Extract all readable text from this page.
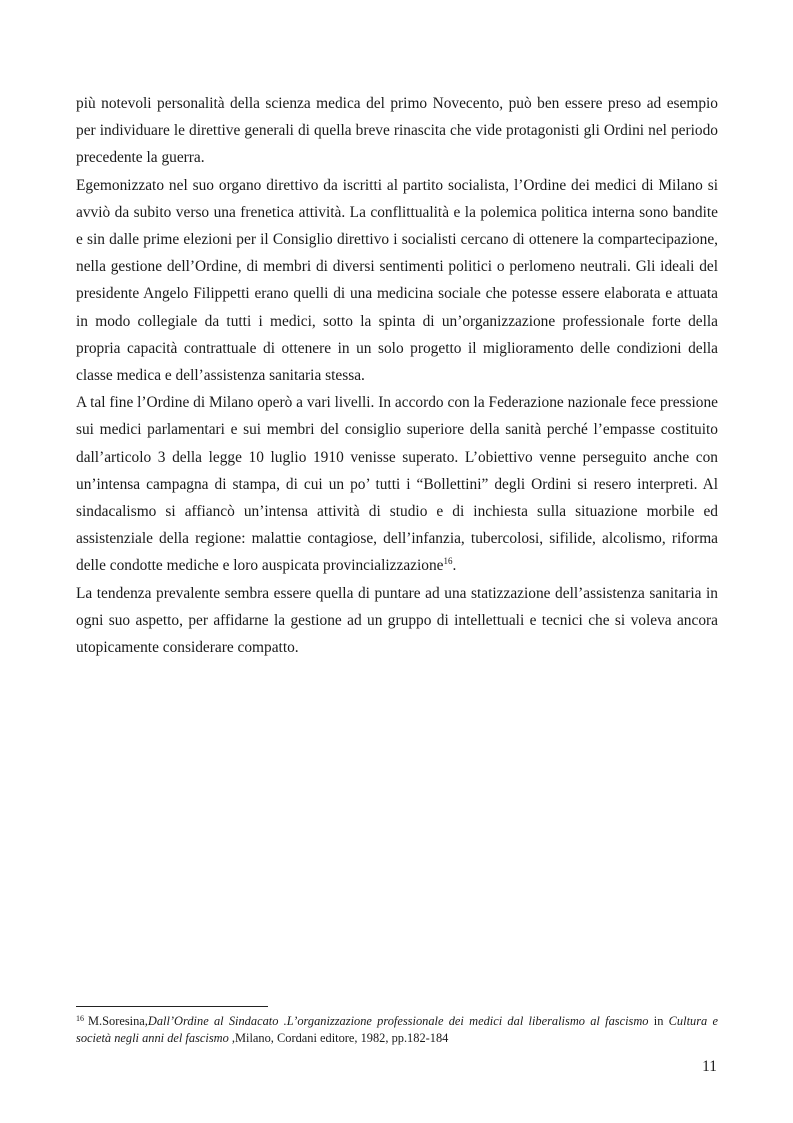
più notevoli personalità della scienza medica del primo Novecento, può ben essere preso ad esempio per individuare le direttive generali di quella breve rinascita che vide protagonisti gli Ordini nel periodo precedente la guerra.

Egemonizzato nel suo organo direttivo da iscritti al partito socialista, l’Ordine dei medici di Milano si avviò da subito verso una frenetica attività. La conflittualità e la polemica politica interna sono bandite e sin dalle prime elezioni per il Consiglio direttivo i socialisti cercano di ottenere la compartecipazione, nella gestione dell’Ordine, di membri di diversi sentimenti politici o perlomeno neutrali. Gli ideali del presidente Angelo Filippetti erano quelli di una medicina sociale che potesse essere elaborata e attuata in modo collegiale da tutti i medici, sotto la spinta di un’organizzazione professionale forte della propria capacità contrattuale di ottenere in un solo progetto il miglioramento delle condizioni della classe medica e dell’assistenza sanitaria stessa.

A tal fine l’Ordine di Milano operò a vari livelli. In accordo con la Federazione nazionale fece pressione sui medici parlamentari e sui membri del consiglio superiore della sanità perché l’empasse costituito dall’articolo 3 della legge 10 luglio 1910 venisse superato. L’obiettivo venne perseguito anche con un’intensa campagna di stampa, di cui un po’ tutti i “Bollettini” degli Ordini si resero interpreti. Al sindacalismo si affiancò un’intensa attività di studio e di inchiesta sulla situazione morbile ed assistenziale della regione: malattie contagiose, dell’infanzia, tubercolosi, sifilide, alcolismo, riforma delle condotte mediche e loro auspicata provincializzazione$^{16}$.

La tendenza prevalente sembra essere quella di puntare ad una statizzazione dell’assistenza sanitaria in ogni suo aspetto, per affidarne la gestione ad un gruppo di intellettuali e tecnici che si voleva ancora utopicamente considerare compatto.

$^{16}$ M.Soresina,Dall’Ordine al Sindacato .L’organizzazione professionale dei medici dal liberalismo al fascismo in Cultura e società negli anni del fascismo ,Milano, Cordani editore, 1982, pp.182-184
11
